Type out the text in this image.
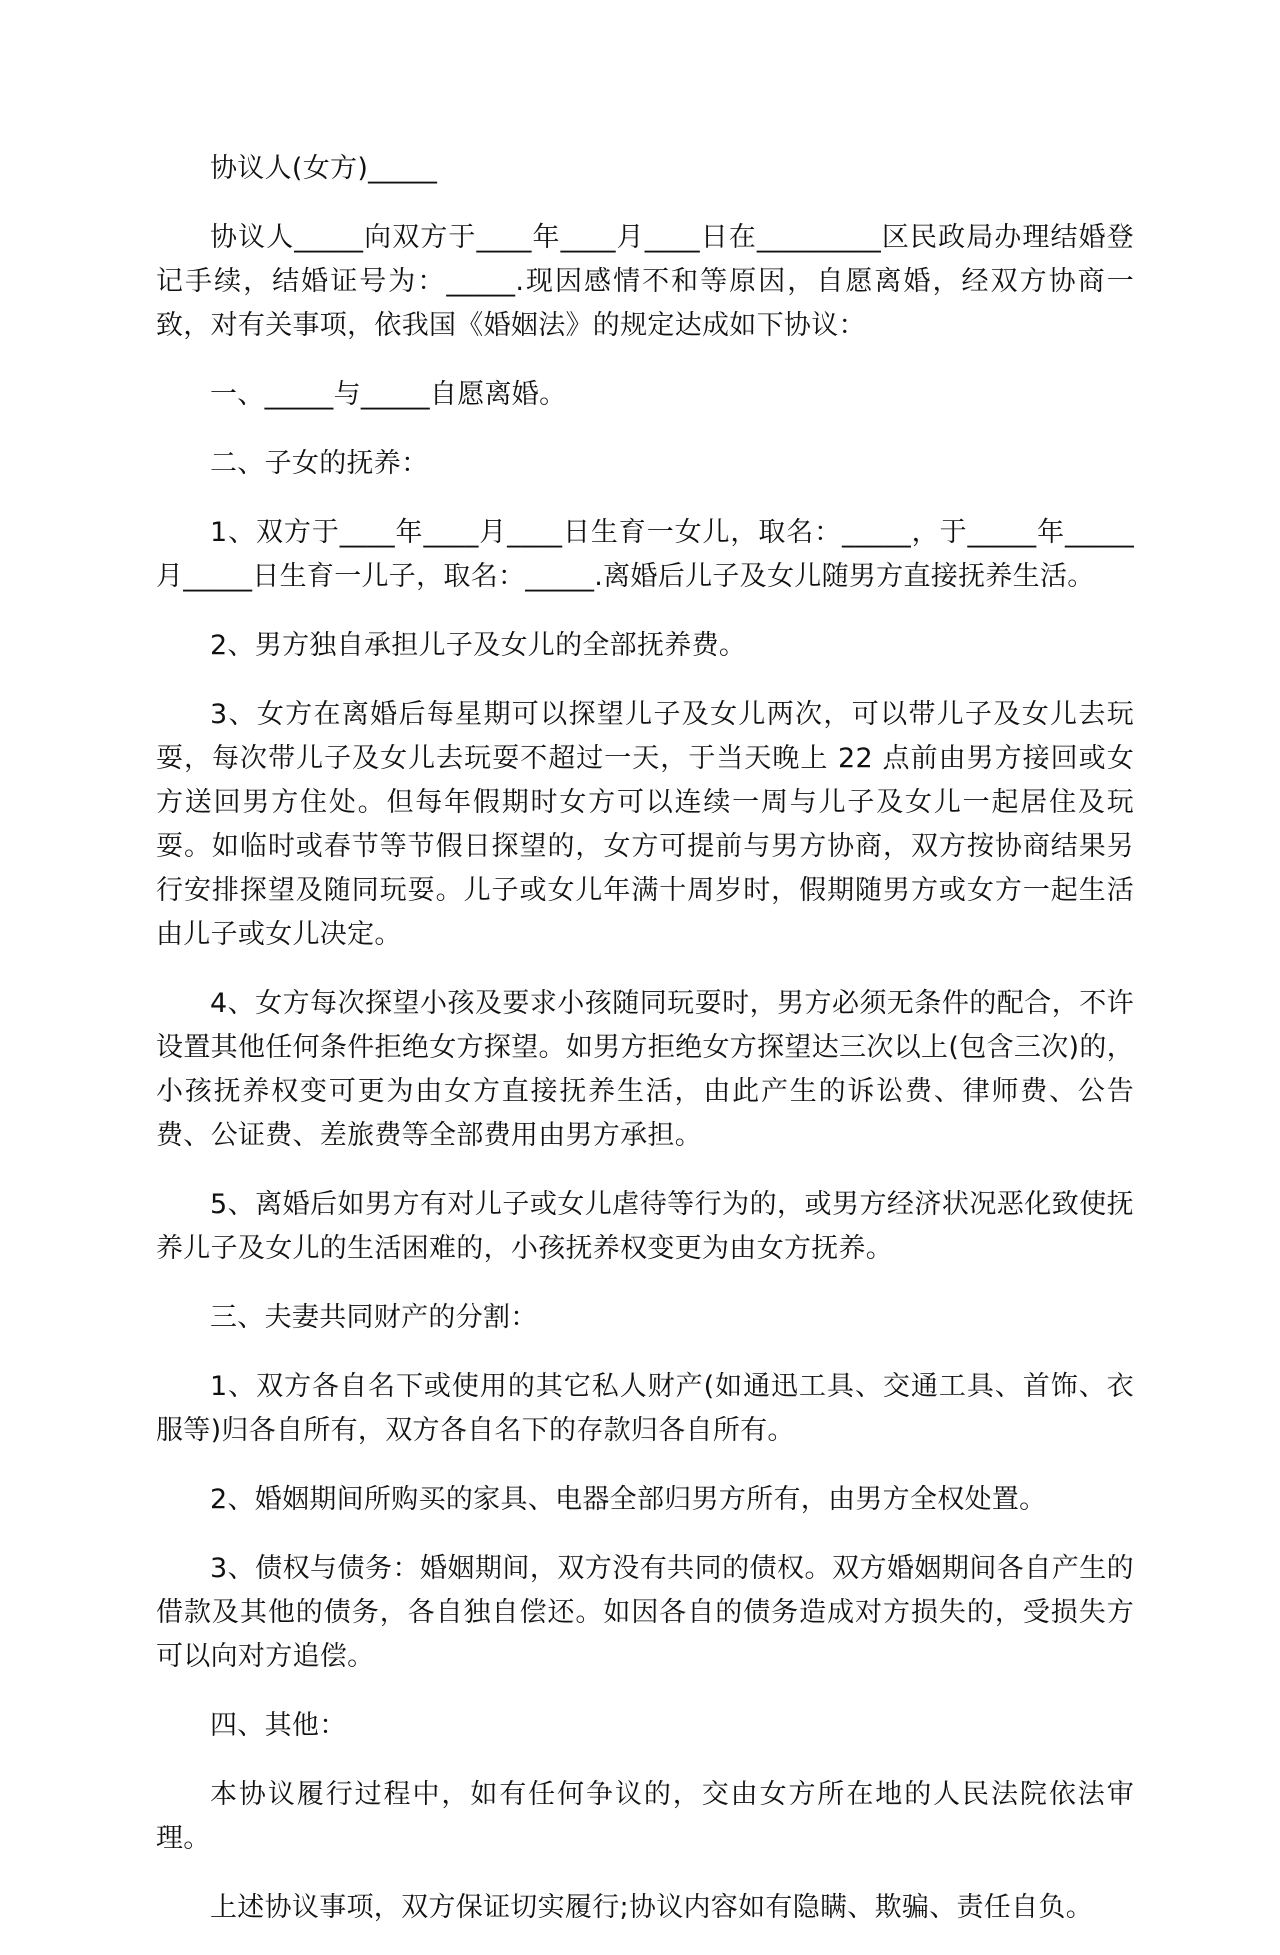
协议人(女方)_____

协议人_____向双方于____年____月____日在_________区民政局办理结婚登记手续，结婚证号为：_____.现因感情不和等原因，自愿离婚，经双方协商一致，对有关事项，依我国《婚姻法》的规定达成如下协议：

一、_____与_____自愿离婚。

二、子女的抚养：

1、双方于____年____月____日生育一女儿，取名：_____，于_____年_____月_____日生育一儿子，取名：_____.离婚后儿子及女儿随男方直接抚养生活。

2、男方独自承担儿子及女儿的全部抚养费。

3、女方在离婚后每星期可以探望儿子及女儿两次，可以带儿子及女儿去玩耍，每次带儿子及女儿去玩耍不超过一天，于当天晚上 22 点前由男方接回或女方送回男方住处。但每年假期时女方可以连续一周与儿子及女儿一起居住及玩耍。如临时或春节等节假日探望的，女方可提前与男方协商，双方按协商结果另行安排探望及随同玩耍。儿子或女儿年满十周岁时，假期随男方或女方一起生活由儿子或女儿决定。

4、女方每次探望小孩及要求小孩随同玩耍时，男方必须无条件的配合，不许设置其他任何条件拒绝女方探望。如男方拒绝女方探望达三次以上(包含三次)的，小孩抚养权变可更为由女方直接抚养生活，由此产生的诉讼费、律师费、公告费、公证费、差旅费等全部费用由男方承担。

5、离婚后如男方有对儿子或女儿虐待等行为的，或男方经济状况恶化致使抚养儿子及女儿的生活困难的，小孩抚养权变更为由女方抚养。

三、夫妻共同财产的分割：

1、双方各自名下或使用的其它私人财产(如通迅工具、交通工具、首饰、衣服等)归各自所有，双方各自名下的存款归各自所有。

2、婚姻期间所购买的家具、电器全部归男方所有，由男方全权处置。

3、债权与债务：婚姻期间，双方没有共同的债权。双方婚姻期间各自产生的借款及其他的债务，各自独自偿还。如因各自的债务造成对方损失的，受损失方可以向对方追偿。

四、其他：

本协议履行过程中，如有任何争议的，交由女方所在地的人民法院依法审理。

上述协议事项，双方保证切实履行;协议内容如有隐瞒、欺骗、责任自负。
